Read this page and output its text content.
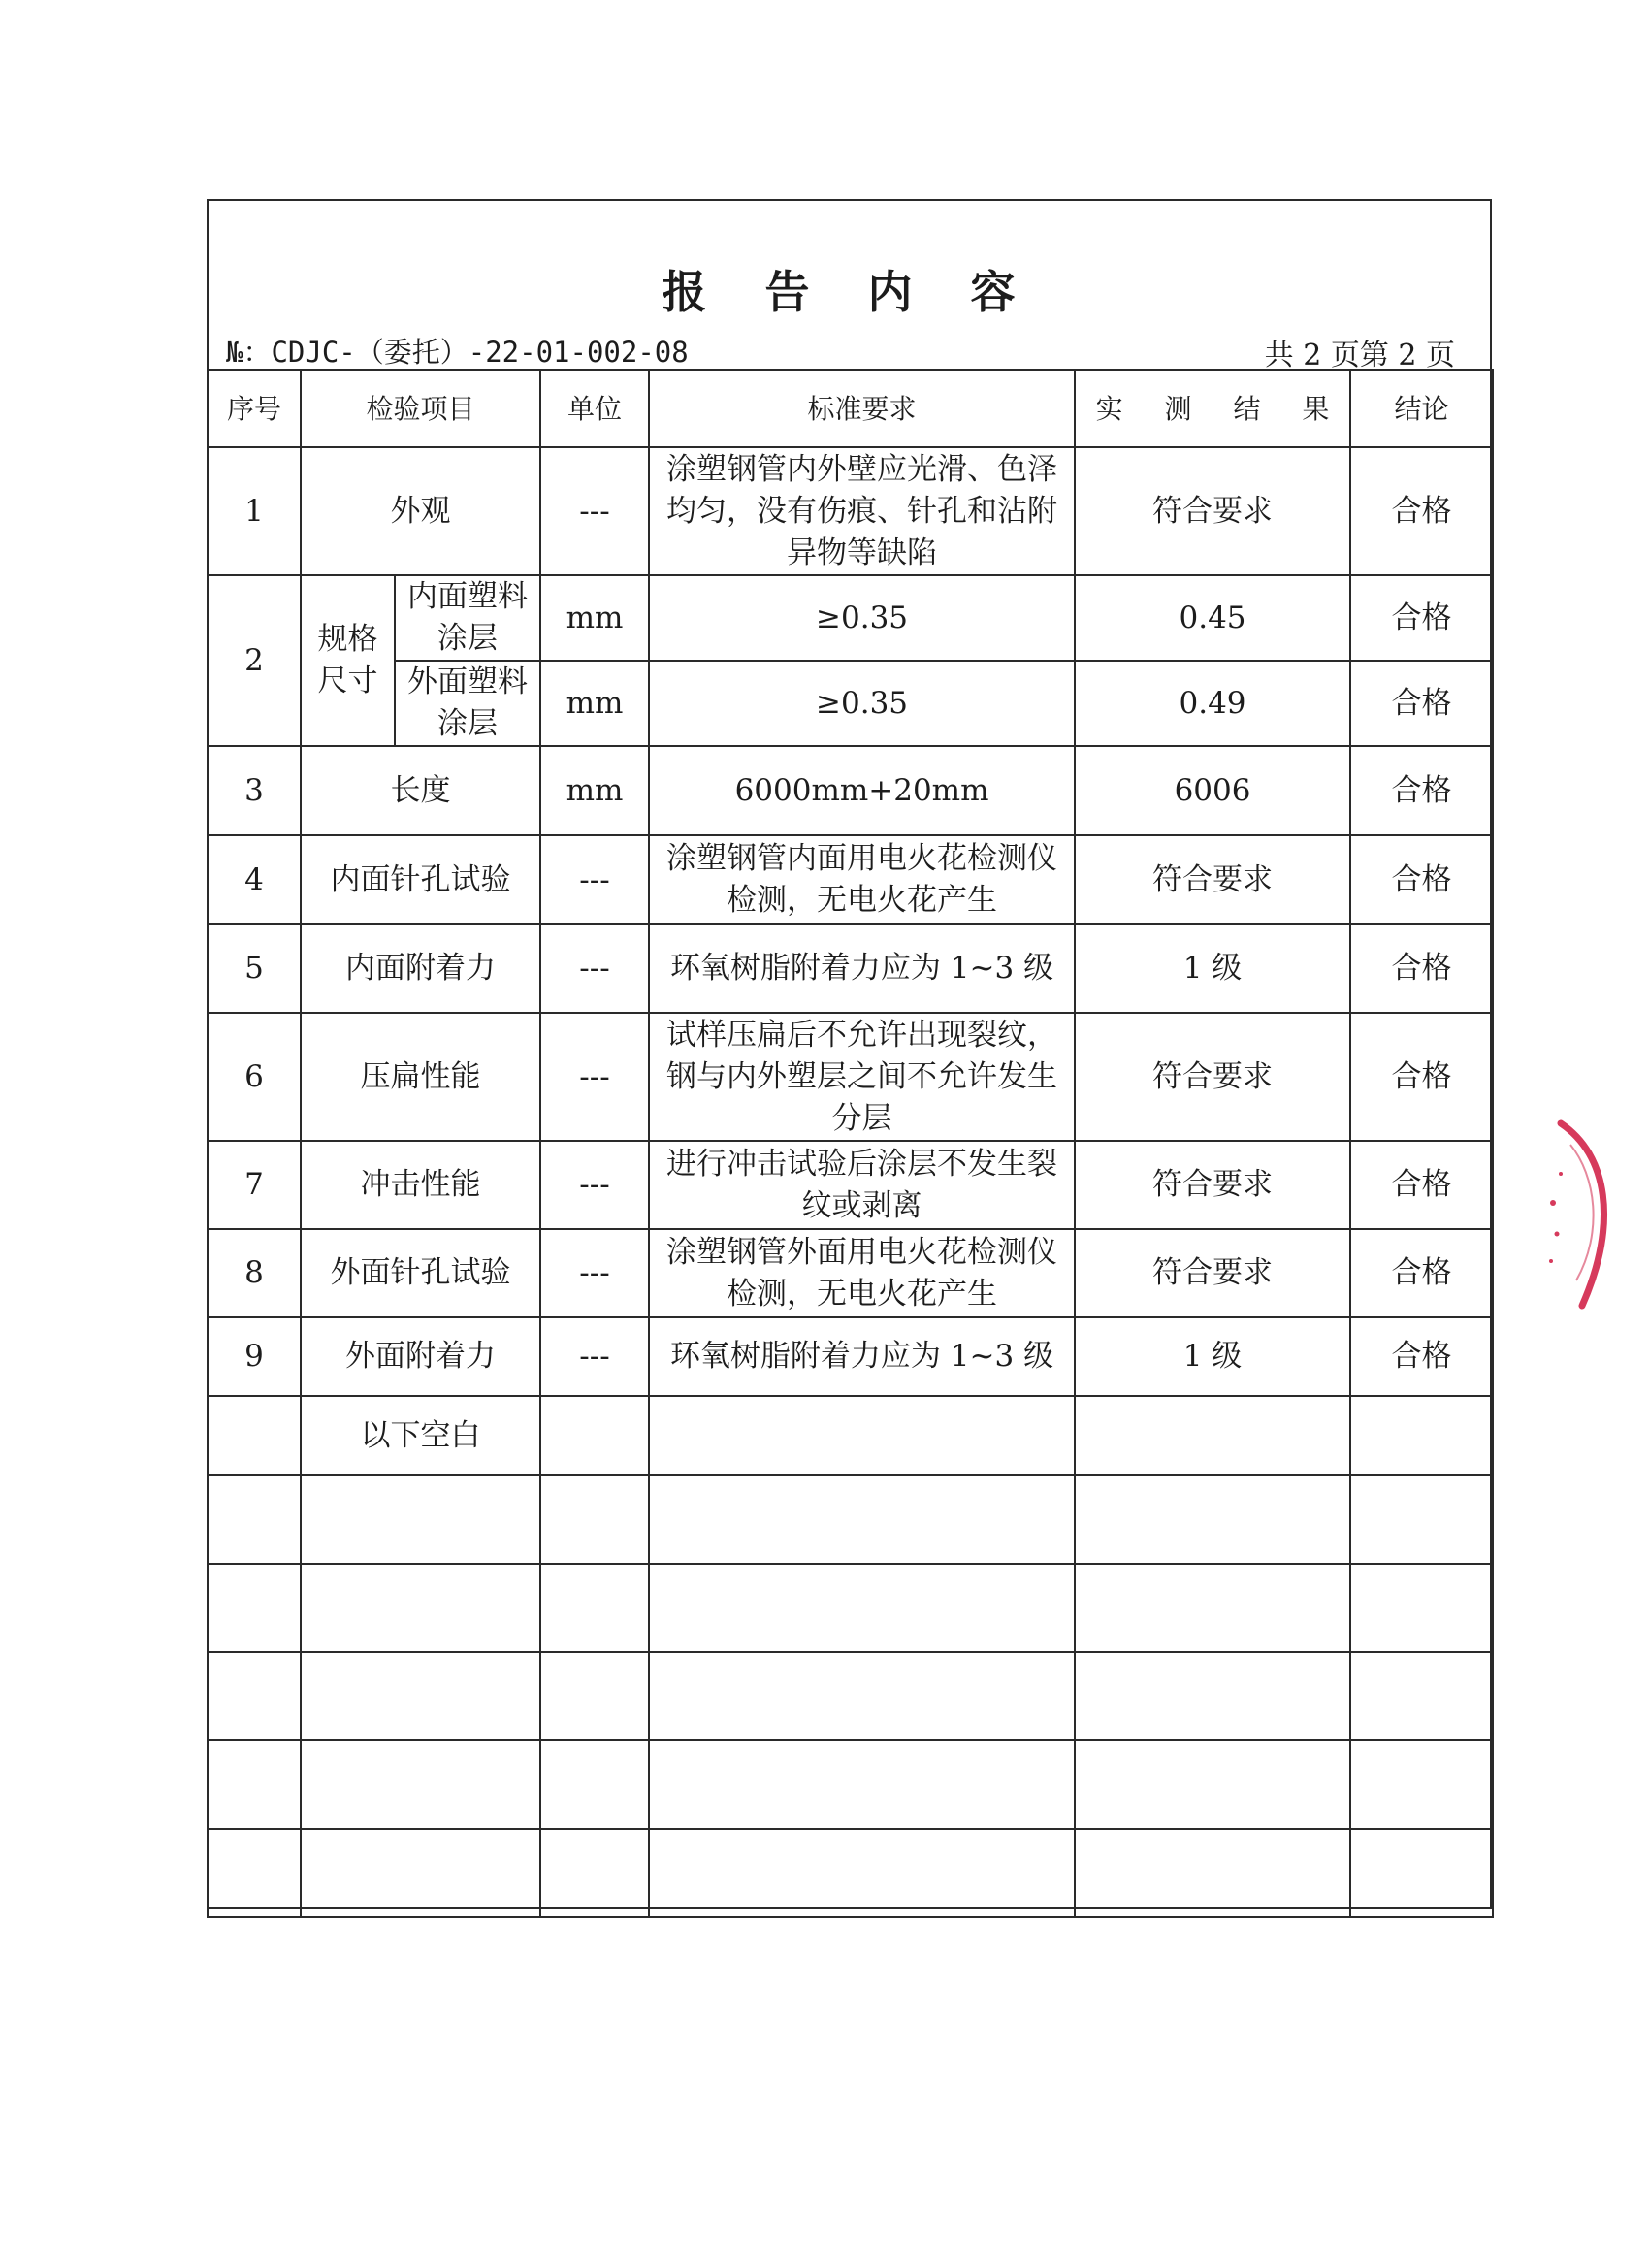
报 告 内 容
№：CDJC-（委托）-22-01-002-08	共 2 页第 2 页
序号	检验项目		单位	标准要求	实 测 结 果	结论
1	外观		---	涂塑钢管内外壁应光滑、色泽均匀，没有伤痕、针孔和沾附异物等缺陷	符合要求	合格
2	规格尺寸	内面塑料涂层	mm	≥0.35	0.45	合格
		外面塑料涂层	mm	≥0.35	0.49	合格
3	长度		mm	6000mm+20mm	6006	合格
4	内面针孔试验		---	涂塑钢管内面用电火花检测仪检测，无电火花产生	符合要求	合格
5	内面附着力		---	环氧树脂附着力应为 1~3 级	1 级	合格
6	压扁性能		---	试样压扁后不允许出现裂纹，钢与内外塑层之间不允许发生分层	符合要求	合格
7	冲击性能		---	进行冲击试验后涂层不发生裂纹或剥离	符合要求	合格
8	外面针孔试验		---	涂塑钢管外面用电火花检测仪检测，无电火花产生	符合要求	合格
9	外面附着力		---	环氧树脂附着力应为 1~3 级	1 级	合格
	以下空白					
